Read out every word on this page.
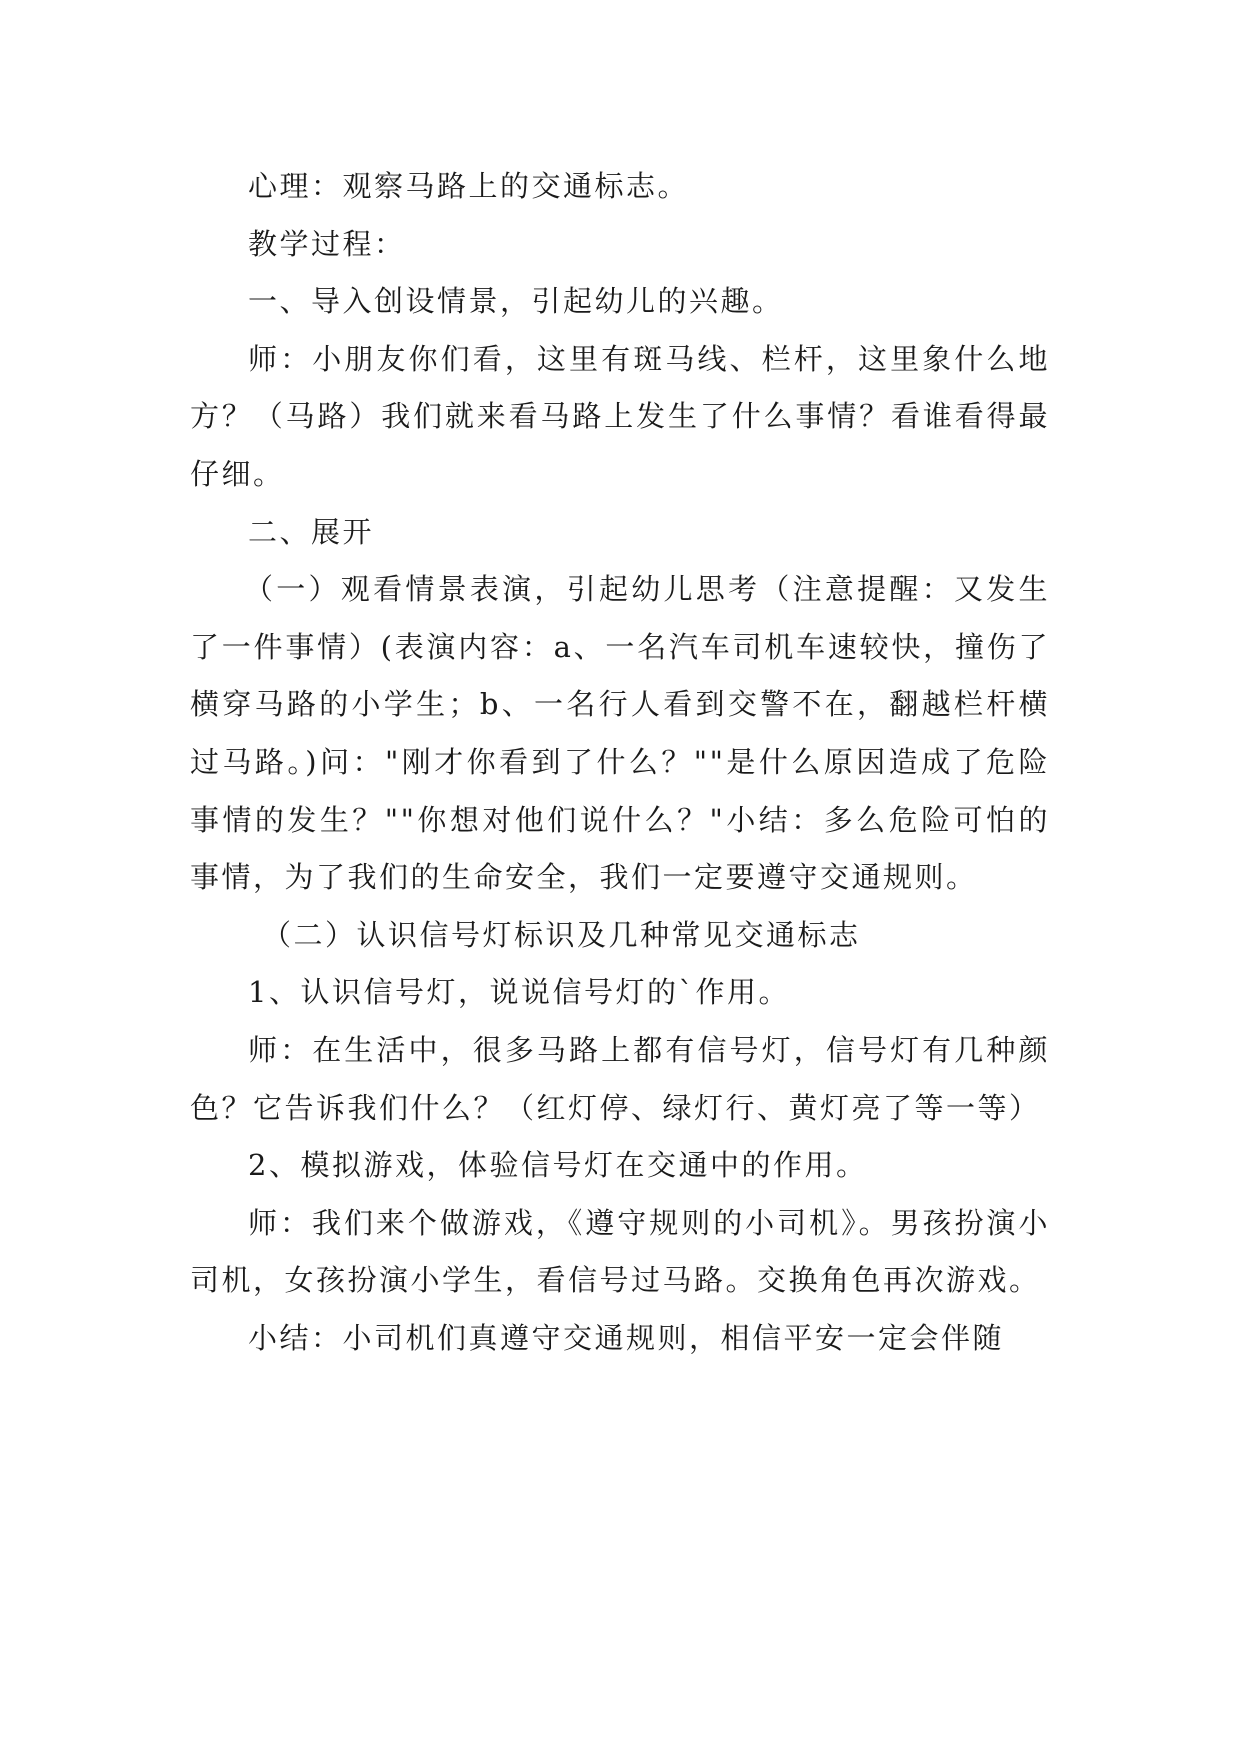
心理：观察马路上的交通标志。

教学过程：

一、导入创设情景，引起幼儿的兴趣。

师：小朋友你们看，这里有斑马线、栏杆，这里象什么地方？（马路）我们就来看马路上发生了什么事情？看谁看得最仔细。

二、展开

（一）观看情景表演，引起幼儿思考（注意提醒：又发生了一件事情）(表演内容：a、一名汽车司机车速较快，撞伤了横穿马路的小学生；b、一名行人看到交警不在，翻越栏杆横过马路。)问："刚才你看到了什么？""是什么原因造成了危险事情的发生？""你想对他们说什么？"小结：多么危险可怕的事情，为了我们的生命安全，我们一定要遵守交通规则。

（二）认识信号灯标识及几种常见交通标志

1、认识信号灯，说说信号灯的`作用。

师：在生活中，很多马路上都有信号灯，信号灯有几种颜色？它告诉我们什么？（红灯停、绿灯行、黄灯亮了等一等）

2、模拟游戏，体验信号灯在交通中的作用。

师：我们来个做游戏，《遵守规则的小司机》。男孩扮演小司机，女孩扮演小学生，看信号过马路。交换角色再次游戏。

小结：小司机们真遵守交通规则，相信平安一定会伴随
